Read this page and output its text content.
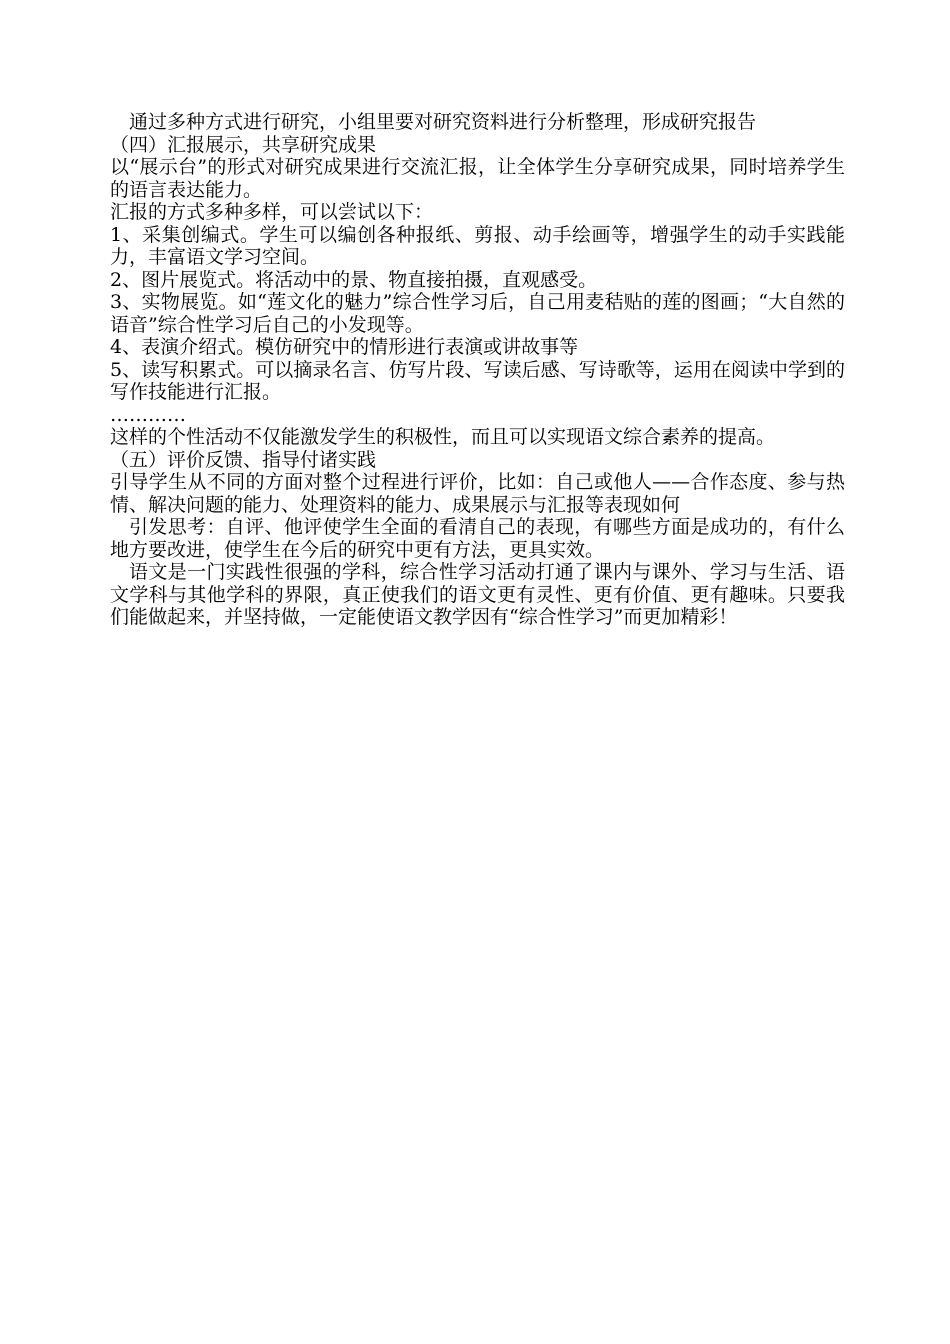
通过多种方式进行研究，小组里要对研究资料进行分析整理，形成研究报告

（四）汇报展示，共享研究成果

以“展示台”的形式对研究成果进行交流汇报，让全体学生分享研究成果，同时培养学生的语言表达能力。

汇报的方式多种多样，可以尝试以下：

1、采集创编式。学生可以编创各种报纸、剪报、动手绘画等，增强学生的动手实践能力，丰富语文学习空间。

2、图片展览式。将活动中的景、物直接拍摄，直观感受。

3、实物展览。如“莲文化的魅力”综合性学习后，自己用麦秸贴的莲的图画；“大自然的语音”综合性学习后自己的小发现等。

4、表演介绍式。模仿研究中的情形进行表演或讲故事等

5、读写积累式。可以摘录名言、仿写片段、写读后感、写诗歌等，运用在阅读中学到的写作技能进行汇报。

…………

这样的个性活动不仅能激发学生的积极性，而且可以实现语文综合素养的提高。

（五）评价反馈、指导付诸实践

引导学生从不同的方面对整个过程进行评价，比如：自己或他人——合作态度、参与热情、解决问题的能力、处理资料的能力、成果展示与汇报等表现如何

引发思考：自评、他评使学生全面的看清自己的表现，有哪些方面是成功的，有什么地方要改进，使学生在今后的研究中更有方法，更具实效。

语文是一门实践性很强的学科，综合性学习活动打通了课内与课外、学习与生活、语文学科与其他学科的界限，真正使我们的语文更有灵性、更有价值、更有趣味。只要我们能做起来，并坚持做，一定能使语文教学因有“综合性学习”而更加精彩！
